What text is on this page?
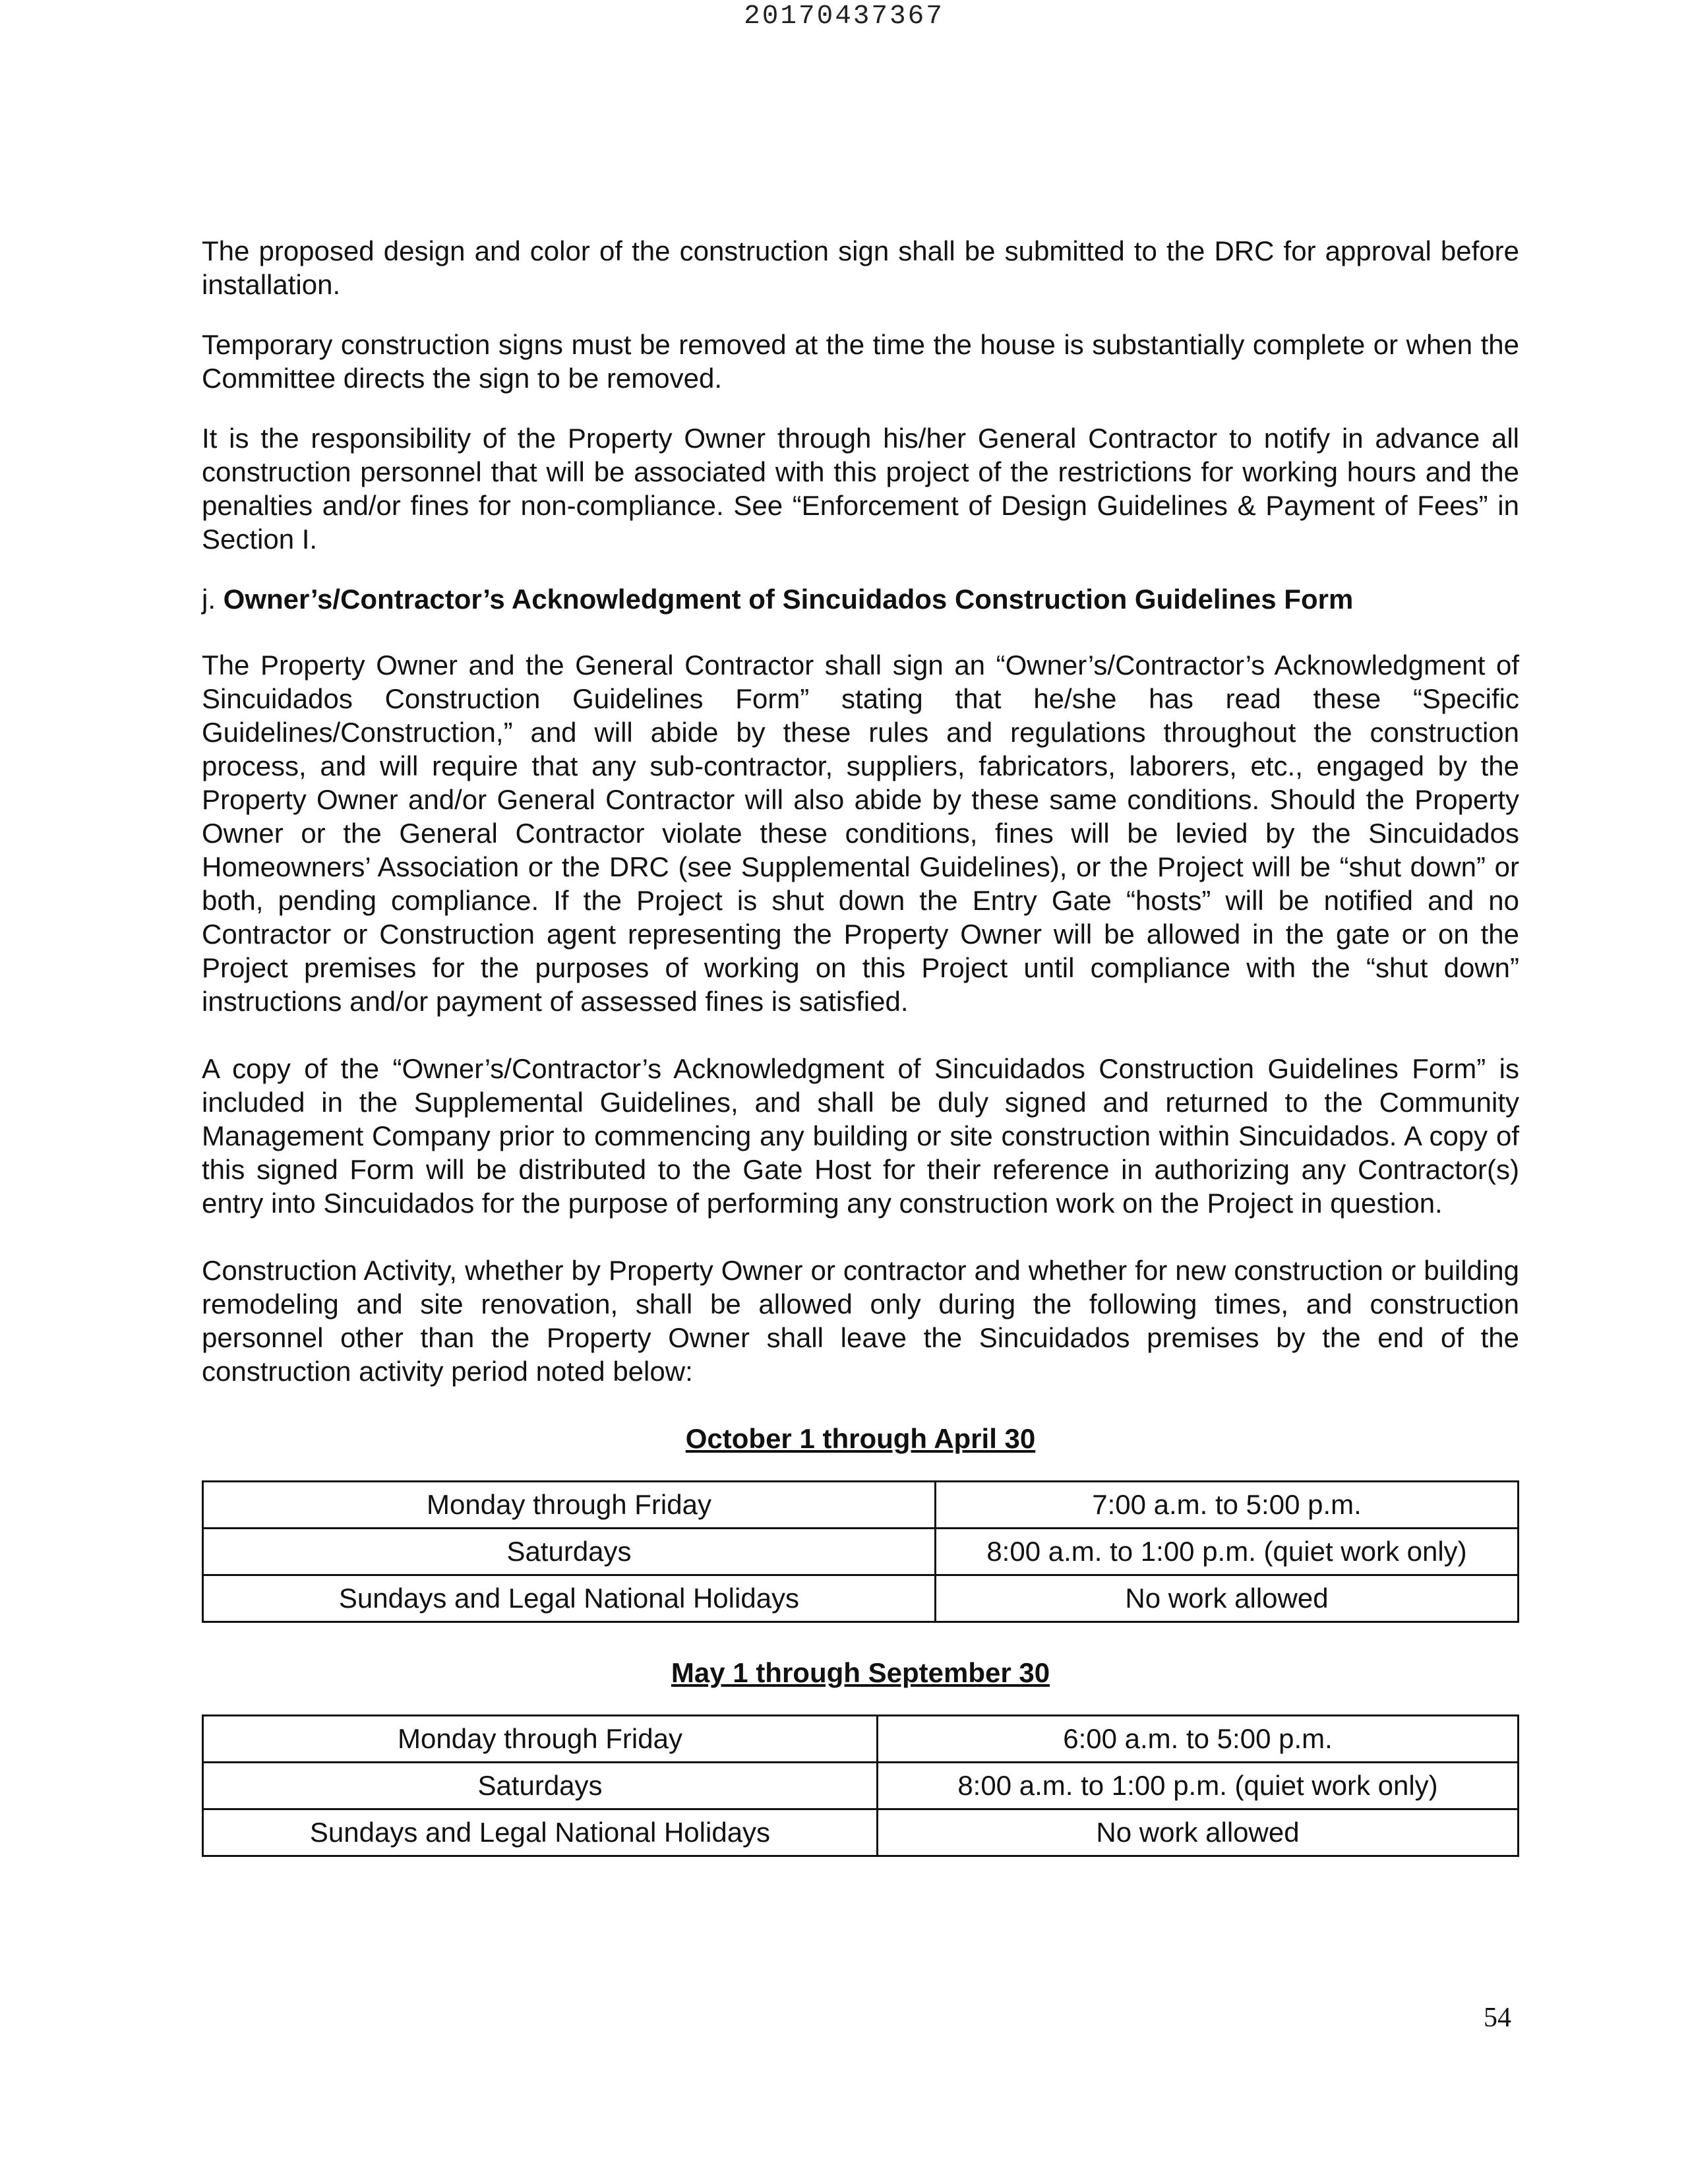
20170437367

The proposed design and color of the construction sign shall be submitted to the DRC for approval before installation.

Temporary construction signs must be removed at the time the house is substantially complete or when the Committee directs the sign to be removed.

It is the responsibility of the Property Owner through his/her General Contractor to notify in advance all construction personnel that will be associated with this project of the restrictions for working hours and the penalties and/or fines for non-compliance. See “Enforcement of Design Guidelines & Payment of Fees” in Section I.

j. Owner’s/Contractor’s Acknowledgment of Sincuidados Construction Guidelines Form

The Property Owner and the General Contractor shall sign an “Owner’s/Contractor’s Acknowledgment of Sincuidados Construction Guidelines Form” stating that he/she has read these “Specific Guidelines/Construction,” and will abide by these rules and regulations throughout the construction process, and will require that any sub-contractor, suppliers, fabricators, laborers, etc., engaged by the Property Owner and/or General Contractor will also abide by these same conditions. Should the Property Owner or the General Contractor violate these conditions, fines will be levied by the Sincuidados Homeowners’ Association or the DRC (see Supplemental Guidelines), or the Project will be “shut down” or both, pending compliance. If the Project is shut down the Entry Gate “hosts” will be notified and no Contractor or Construction agent representing the Property Owner will be allowed in the gate or on the Project premises for the purposes of working on this Project until compliance with the “shut down” instructions and/or payment of assessed fines is satisfied.

A copy of the “Owner’s/Contractor’s Acknowledgment of Sincuidados Construction Guidelines Form” is included in the Supplemental Guidelines, and shall be duly signed and returned to the Community Management Company prior to commencing any building or site construction within Sincuidados. A copy of this signed Form will be distributed to the Gate Host for their reference in authorizing any Contractor(s) entry into Sincuidados for the purpose of performing any construction work on the Project in question.

Construction Activity, whether by Property Owner or contractor and whether for new construction or building remodeling and site renovation, shall be allowed only during the following times, and construction personnel other than the Property Owner shall leave the Sincuidados premises by the end of the construction activity period noted below:

October 1 through April 30
Monday through Friday	7:00 a.m. to 5:00 p.m.
Saturdays	8:00 a.m. to 1:00 p.m. (quiet work only)
Sundays and Legal National Holidays	No work allowed
May 1 through September 30
Monday through Friday	6:00 a.m. to 5:00 p.m.
Saturdays	8:00 a.m. to 1:00 p.m. (quiet work only)
Sundays and Legal National Holidays	No work allowed
54
